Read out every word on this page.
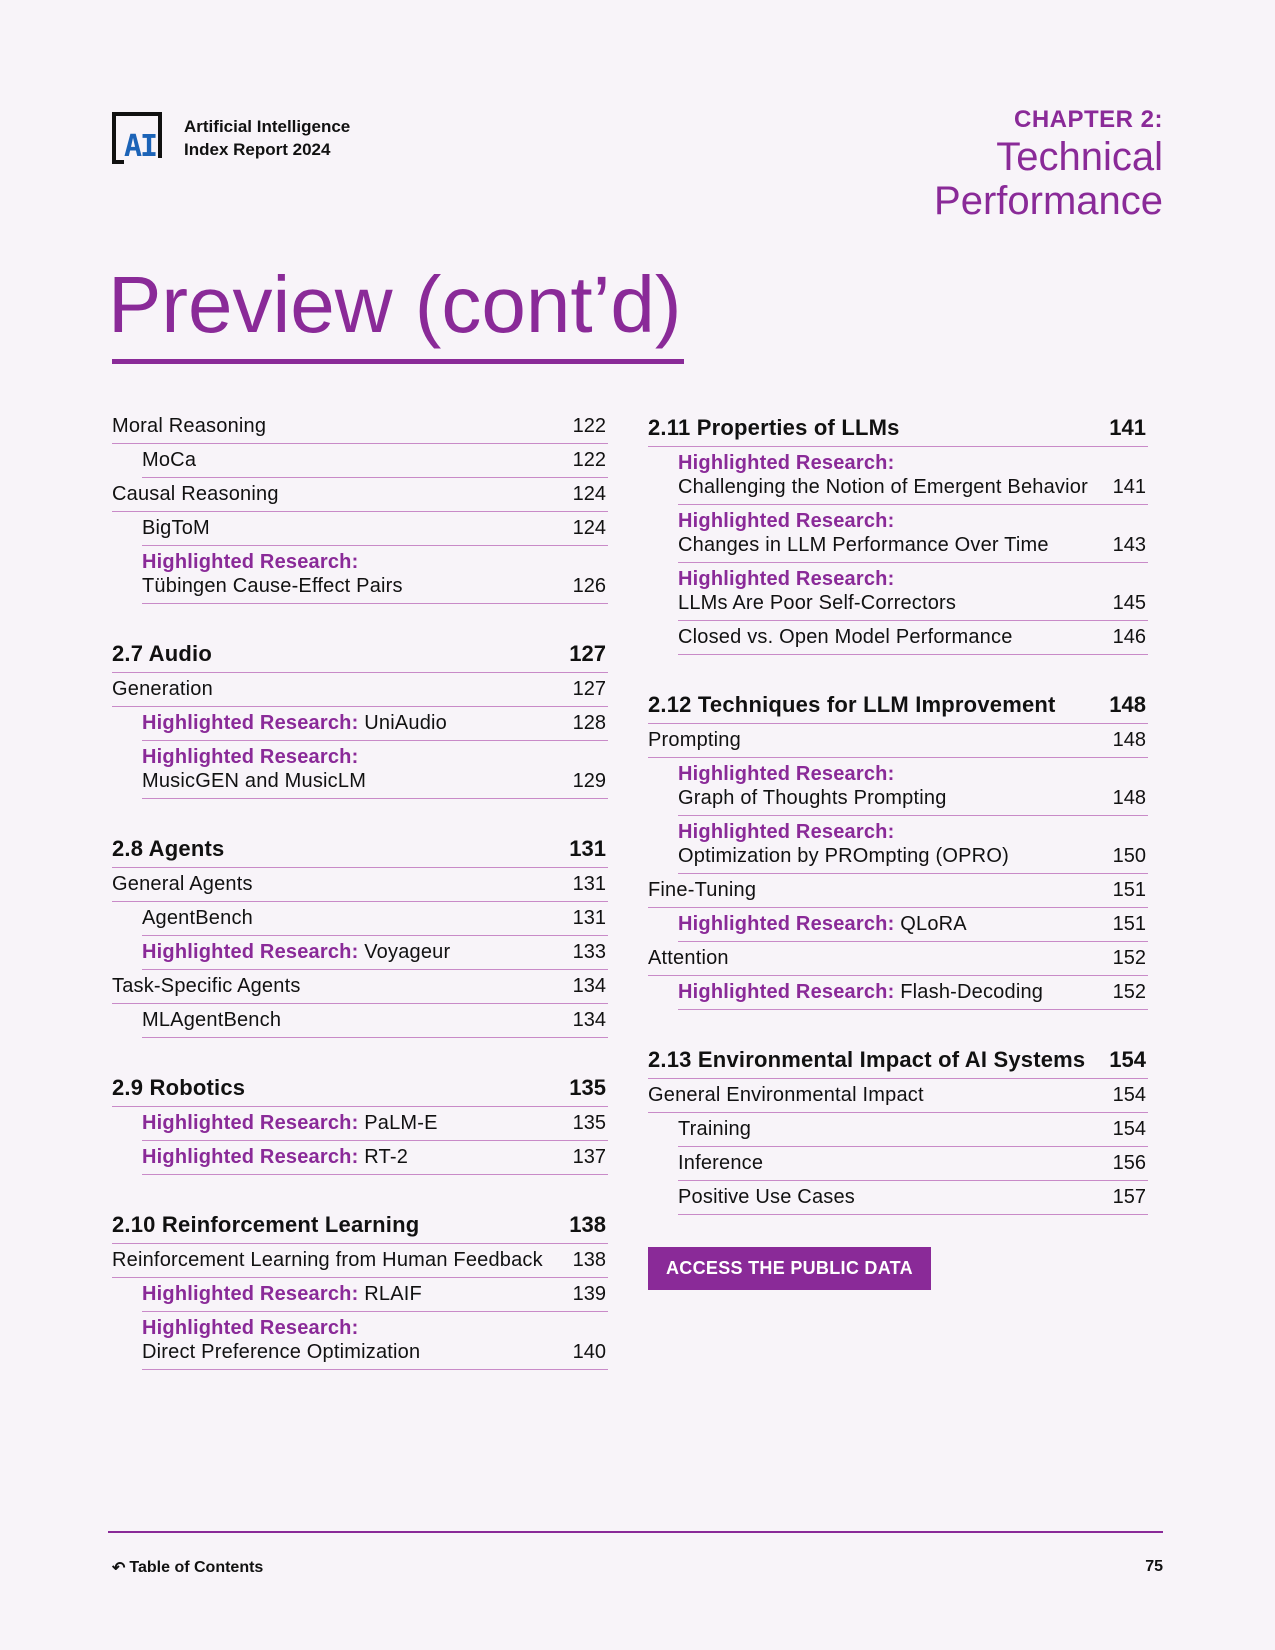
AI
Artificial Intelligence
Index Report 2024
CHAPTER 2:
Technical
Performance
Preview (cont’d)
Moral Reasoning	122
MoCa	122
Causal Reasoning	124
BigToM	124
Highlighted Research:
Tübingen Cause-Effect Pairs	126
2.7 Audio	127
Generation	127
Highlighted Research: UniAudio	128
Highlighted Research:
MusicGEN and MusicLM	129
2.8 Agents	131
General Agents	131
AgentBench	131
Highlighted Research: Voyageur	133
Task-Specific Agents	134
MLAgentBench	134
2.9 Robotics	135
Highlighted Research: PaLM-E	135
Highlighted Research: RT-2	137
2.10 Reinforcement Learning	138
Reinforcement Learning from Human Feedback	138
Highlighted Research: RLAIF	139
Highlighted Research:
Direct Preference Optimization	140
2.11 Properties of LLMs	141
Highlighted Research:
Challenging the Notion of Emergent Behavior	141
Highlighted Research:
Changes in LLM Performance Over Time	143
Highlighted Research:
LLMs Are Poor Self-Correctors	145
Closed vs. Open Model Performance	146
2.12 Techniques for LLM Improvement 148
Prompting	148
Highlighted Research:
Graph of Thoughts Prompting	148
Highlighted Research:
Optimization by PROmpting (OPRO)	150
Fine-Tuning	151
Highlighted Research: QLoRA	151
Attention	152
Highlighted Research: Flash-Decoding	152
2.13 Environmental Impact of AI Systems 154
General Environmental Impact	154
Training	154
Inference	156
Positive Use Cases	157
ACCESS THE PUBLIC DATA
↶ Table of Contents	75
